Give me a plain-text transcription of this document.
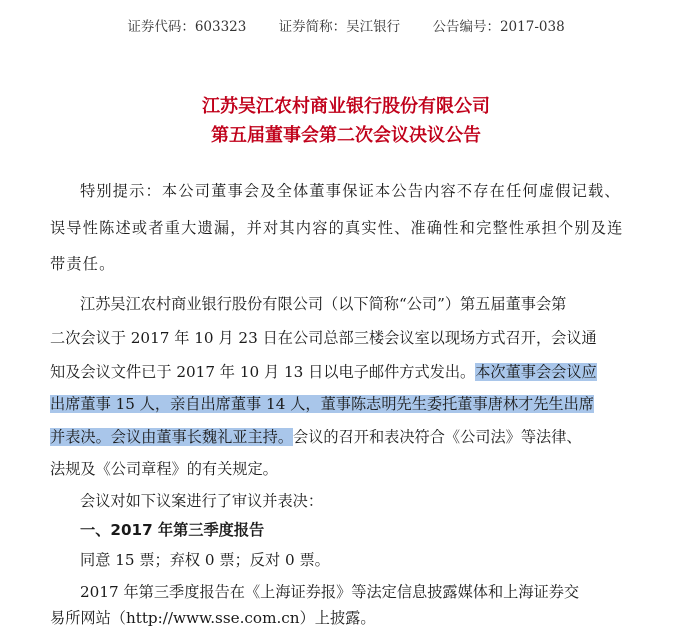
证券代码：603323 证券简称：吴江银行 公告编号：2017-038
江苏吴江农村商业银行股份有限公司
第五届董事会第二次会议决议公告
特别提示：本公司董事会及全体董事保证本公告内容不存在任何虚假记载、
误导性陈述或者重大遗漏，并对其内容的真实性、准确性和完整性承担个别及连
带责任。
江苏吴江农村商业银行股份有限公司（以下简称“公司”）第五届董事会第
二次会议于 2017 年 10 月 23 日在公司总部三楼会议室以现场方式召开，会议通
知及会议文件已于 2017 年 10 月 13 日以电子邮件方式发出。本次董事会会议应
出席董事 15 人，亲自出席董事 14 人，董事陈志明先生委托董事唐林才先生出席
并表决。会议由董事长魏礼亚主持。会议的召开和表决符合《公司法》等法律、
法规及《公司章程》的有关规定。
会议对如下议案进行了审议并表决：
一、2017 年第三季度报告
同意 15 票；弃权 0 票；反对 0 票。
2017 年第三季度报告在《上海证券报》等法定信息披露媒体和上海证券交
易所网站（http://www.sse.com.cn）上披露。
